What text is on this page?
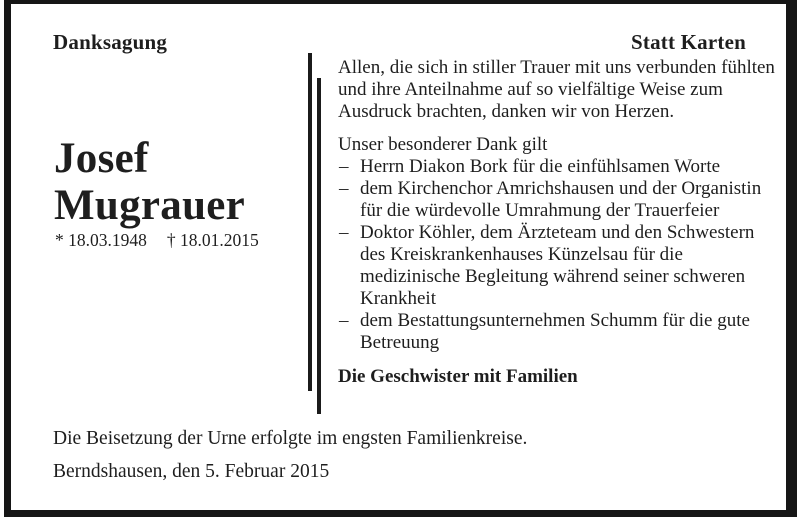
Danksagung	Statt Karten
Josef
Mugrauer
* 18.03.1948 † 18.01.2015

Allen, die sich in stiller Trauer mit uns verbunden fühlten und ihre Anteilnahme auf so vielfältige Weise zum Ausdruck brachten, danken wir von Herzen.

Unser besonderer Dank gilt

– Herrn Diakon Bork für die einfühlsamen Worte
– dem Kirchenchor Amrichshausen und der Organistin für die würdevolle Umrahmung der Trauerfeier
– Doktor Köhler, dem Ärzteteam und den Schwestern des Kreiskrankenhauses Künzelsau für die medizinische Begleitung während seiner schweren Krankheit
– dem Bestattungsunternehmen Schumm für die gute Betreuung

Die Geschwister mit Familien

Die Beisetzung der Urne erfolgte im engsten Familienkreise.

Berndshausen, den 5. Februar 2015
